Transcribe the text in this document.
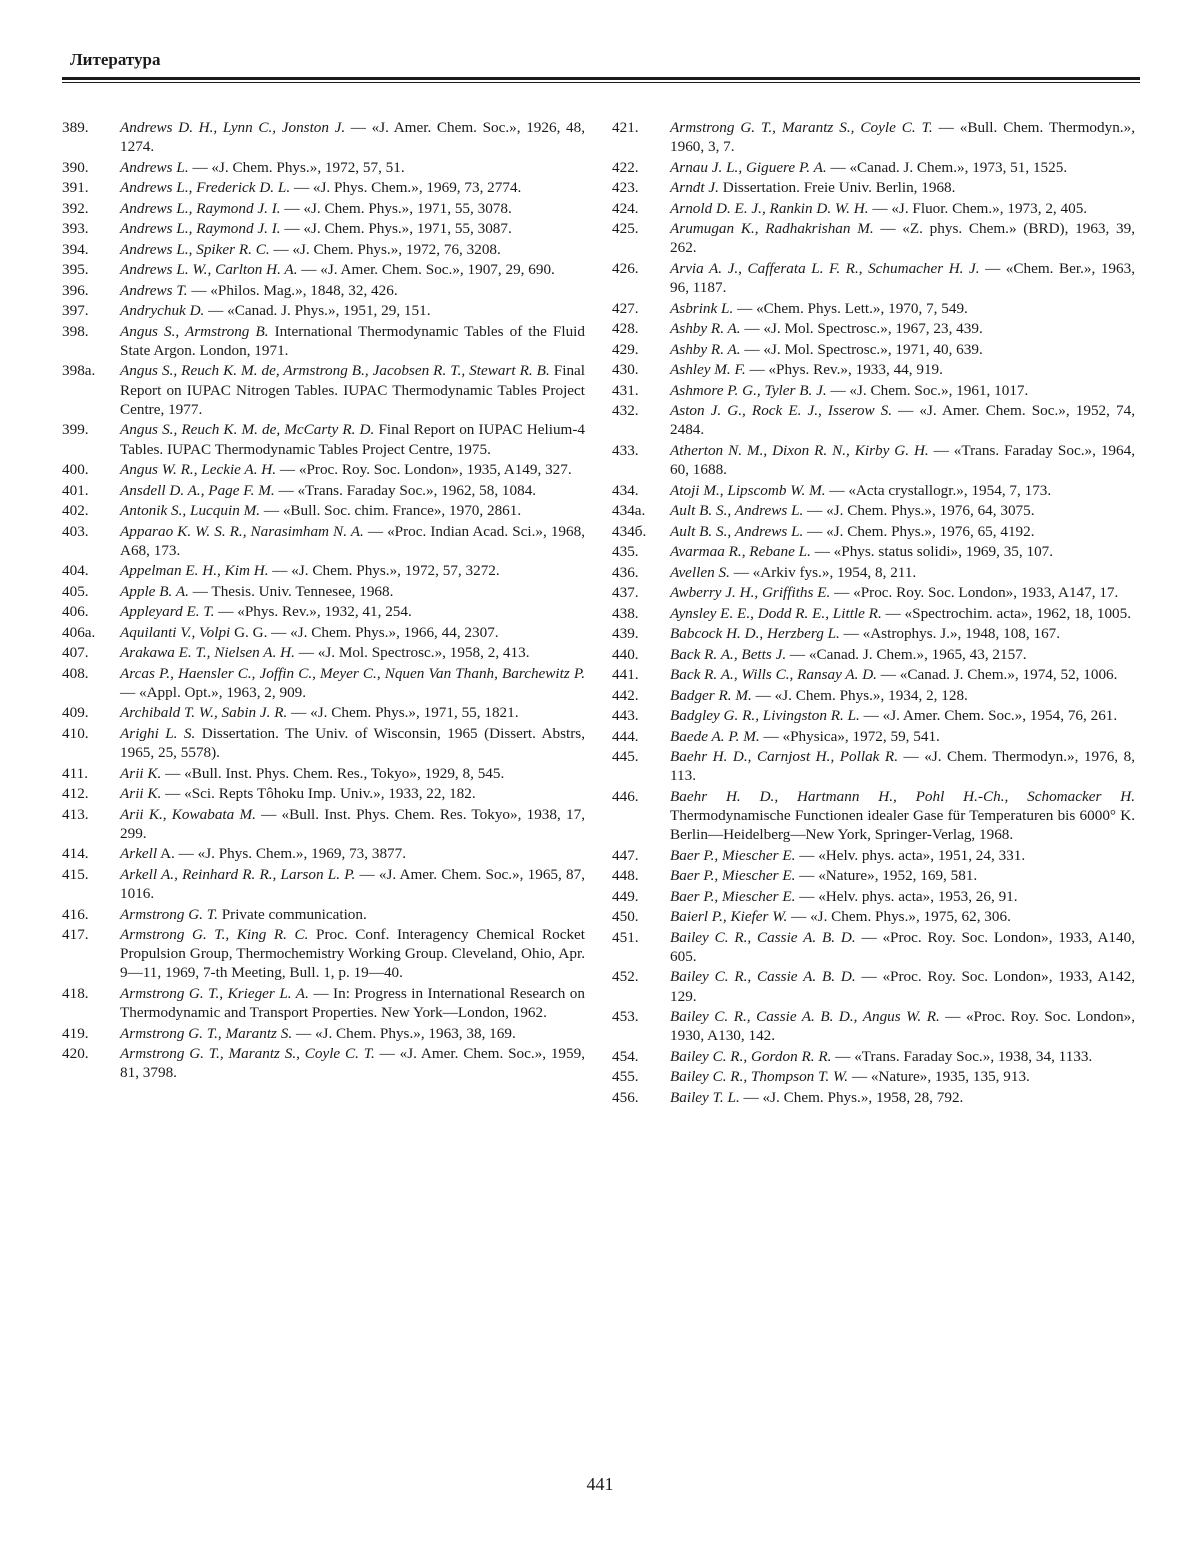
Литература
389.	Andrews D. H., Lynn C., Jonston J. — «J. Amer. Chem. Soc.», 1926, 48, 1274.
390.	Andrews L. — «J. Chem. Phys.», 1972, 57, 51.
391.	Andrews L., Frederick D. L. — «J. Phys. Chem.», 1969, 73, 2774.
392.	Andrews L., Raymond J. I. — «J. Chem. Phys.», 1971, 55, 3078.
393.	Andrews L., Raymond J. I. — «J. Chem. Phys.», 1971, 55, 3087.
394.	Andrews L., Spiker R. C. — «J. Chem. Phys.», 1972, 76, 3208.
395.	Andrews L. W., Carlton H. A. — «J. Amer. Chem. Soc.», 1907, 29, 690.
396.	Andrews T. — «Philos. Mag.», 1848, 32, 426.
397.	Andrychuk D. — «Canad. J. Phys.», 1951, 29, 151.
398.	Angus S., Armstrong B. International Thermodynamic Tables of the Fluid State Argon. London, 1971.
398a.	Angus S., Reuch K. M. de, Armstrong B., Jacobsen R. T., Stewart R. B. Final Report on IUPAC Nitrogen Tables. IUPAC Thermodynamic Tables Project Centre, 1977.
399.	Angus S., Reuch K. M. de, McCarty R. D. Final Report on IUPAC Helium-4 Tables. IUPAC Thermodynamic Tables Project Centre, 1975.
400.	Angus W. R., Leckie A. H. — «Proc. Roy. Soc. London», 1935, A149, 327.
401.	Ansdell D. A., Page F. M. — «Trans. Faraday Soc.», 1962, 58, 1084.
402.	Antonik S., Lucquin M. — «Bull. Soc. chim. France», 1970, 2861.
403.	Apparao K. W. S. R., Narasimham N. A. — «Proc. Indian Acad. Sci.», 1968, A68, 173.
404.	Appelman E. H., Kim H. — «J. Chem. Phys.», 1972, 57, 3272.
405.	Apple B. A. — Thesis. Univ. Tennesee, 1968.
406.	Appleyard E. T. — «Phys. Rev.», 1932, 41, 254.
406a.	Aquilanti V., Volpi G. G. — «J. Chem. Phys.», 1966, 44, 2307.
407.	Arakawa E. T., Nielsen A. H. — «J. Mol. Spectrosc.», 1958, 2, 413.
408.	Arcas P., Haensler C., Joffin C., Meyer C., Nquen Van Thanh, Barchewitz P. — «Appl. Opt.», 1963, 2, 909.
409.	Archibald T. W., Sabin J. R. — «J. Chem. Phys.», 1971, 55, 1821.
410.	Arighi L. S. Dissertation. The Univ. of Wisconsin, 1965 (Dissert. Abstrs, 1965, 25, 5578).
411.	Arii K. — «Bull. Inst. Phys. Chem. Res., Tokyo», 1929, 8, 545.
412.	Arii K. — «Sci. Repts Tôhoku Imp. Univ.», 1933, 22, 182.
413.	Arii K., Kowabata M. — «Bull. Inst. Phys. Chem. Res. Tokyo», 1938, 17, 299.
414.	Arkell A. — «J. Phys. Chem.», 1969, 73, 3877.
415.	Arkell A., Reinhard R. R., Larson L. P. — «J. Amer. Chem. Soc.», 1965, 87, 1016.
416.	Armstrong G. T. Private communication.
417.	Armstrong G. T., King R. C. Proc. Conf. Interagency Chemical Rocket Propulsion Group, Thermochemistry Working Group. Cleveland, Ohio, Apr. 9—11, 1969, 7-th Meeting, Bull. 1, p. 19—40.
418.	Armstrong G. T., Krieger L. A. — In: Progress in International Research on Thermodynamic and Transport Properties. New York—London, 1962.
419.	Armstrong G. T., Marantz S. — «J. Chem. Phys.», 1963, 38, 169.
420.	Armstrong G. T., Marantz S., Coyle C. T. — «J. Amer. Chem. Soc.», 1959, 81, 3798.
421.	Armstrong G. T., Marantz S., Coyle C. T. — «Bull. Chem. Thermodyn.», 1960, 3, 7.
422.	Arnau J. L., Giguere P. A. — «Canad. J. Chem.», 1973, 51, 1525.
423.	Arndt J. Dissertation. Freie Univ. Berlin, 1968.
424.	Arnold D. E. J., Rankin D. W. H. — «J. Fluor. Chem.», 1973, 2, 405.
425.	Arumugan K., Radhakrishan M. — «Z. phys. Chem.» (BRD), 1963, 39, 262.
426.	Arvia A. J., Cafferata L. F. R., Schumacher H. J. — «Chem. Ber.», 1963, 96, 1187.
427.	Asbrink L. — «Chem. Phys. Lett.», 1970, 7, 549.
428.	Ashby R. A. — «J. Mol. Spectrosc.», 1967, 23, 439.
429.	Ashby R. A. — «J. Mol. Spectrosc.», 1971, 40, 639.
430.	Ashley M. F. — «Phys. Rev.», 1933, 44, 919.
431.	Ashmore P. G., Tyler B. J. — «J. Chem. Soc.», 1961, 1017.
432.	Aston J. G., Rock E. J., Isserow S. — «J. Amer. Chem. Soc.», 1952, 74, 2484.
433.	Atherton N. M., Dixon R. N., Kirby G. H. — «Trans. Faraday Soc.», 1964, 60, 1688.
434.	Atoji M., Lipscomb W. M. — «Acta crystallogr.», 1954, 7, 173.
434a.	Ault B. S., Andrews L. — «J. Chem. Phys.», 1976, 64, 3075.
434б.	Ault B. S., Andrews L. — «J. Chem. Phys.», 1976, 65, 4192.
435.	Avarmaa R., Rebane L. — «Phys. status solidi», 1969, 35, 107.
436.	Avellen S. — «Arkiv fys.», 1954, 8, 211.
437.	Awberry J. H., Griffiths E. — «Proc. Roy. Soc. London», 1933, A147, 17.
438.	Aynsley E. E., Dodd R. E., Little R. — «Spectrochim. acta», 1962, 18, 1005.
439.	Babcock H. D., Herzberg L. — «Astrophys. J.», 1948, 108, 167.
440.	Back R. A., Betts J. — «Canad. J. Chem.», 1965, 43, 2157.
441.	Back R. A., Wills C., Ransay A. D. — «Canad. J. Chem.», 1974, 52, 1006.
442.	Badger R. M. — «J. Chem. Phys.», 1934, 2, 128.
443.	Badgley G. R., Livingston R. L. — «J. Amer. Chem. Soc.», 1954, 76, 261.
444.	Baede A. P. M. — «Physica», 1972, 59, 541.
445.	Baehr H. D., Carnjost H., Pollak R. — «J. Chem. Thermodyn.», 1976, 8, 113.
446.	Baehr H. D., Hartmann H., Pohl H.-Ch., Schomacker H. Thermodynamische Functionen idealer Gase für Temperaturen bis 6000° K. Berlin—Heidelberg—New York, Springer-Verlag, 1968.
447.	Baer P., Miescher E. — «Helv. phys. acta», 1951, 24, 331.
448.	Baer P., Miescher E. — «Nature», 1952, 169, 581.
449.	Baer P., Miescher E. — «Helv. phys. acta», 1953, 26, 91.
450.	Baierl P., Kiefer W. — «J. Chem. Phys.», 1975, 62, 306.
451.	Bailey C. R., Cassie A. B. D. — «Proc. Roy. Soc. London», 1933, A140, 605.
452.	Bailey C. R., Cassie A. B. D. — «Proc. Roy. Soc. London», 1933, A142, 129.
453.	Bailey C. R., Cassie A. B. D., Angus W. R. — «Proc. Roy. Soc. London», 1930, A130, 142.
454.	Bailey C. R., Gordon R. R. — «Trans. Faraday Soc.», 1938, 34, 1133.
455.	Bailey C. R., Thompson T. W. — «Nature», 1935, 135, 913.
456.	Bailey T. L. — «J. Chem. Phys.», 1958, 28, 792.
441
